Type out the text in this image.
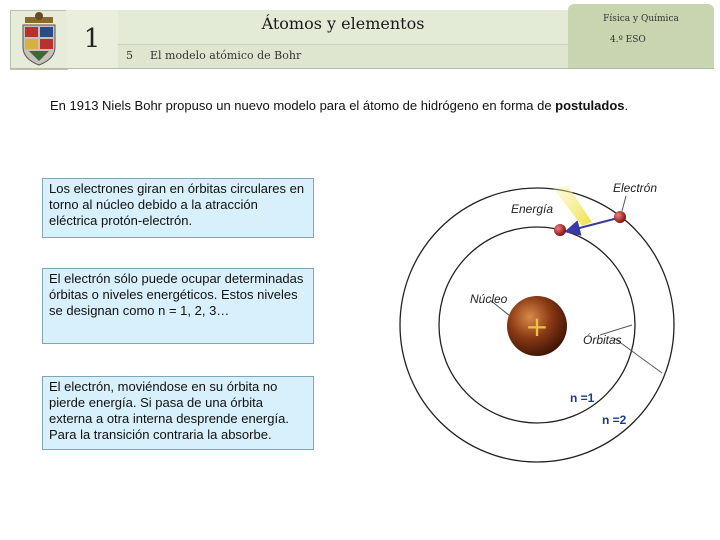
1
Átomos y elementos
5 El modelo atómico de Bohr
Física y Química
4.º ESO
En 1913 Niels Bohr propuso un nuevo modelo para el átomo de hidrógeno en forma de postulados.
Los electrones giran en órbitas circulares en torno al núcleo debido a la atracción eléctrica protón-electrón.
El electrón sólo puede ocupar determinadas órbitas o niveles energéticos. Estos niveles se designan como n = 1, 2, 3…
El electrón, moviéndose en su órbita no pierde energía. Si pasa de una órbita externa a otra interna desprende energía. Para la transición contraria la absorbe.
+
Electrón
Energía
Núcleo
Órbitas
n =1
n =2
